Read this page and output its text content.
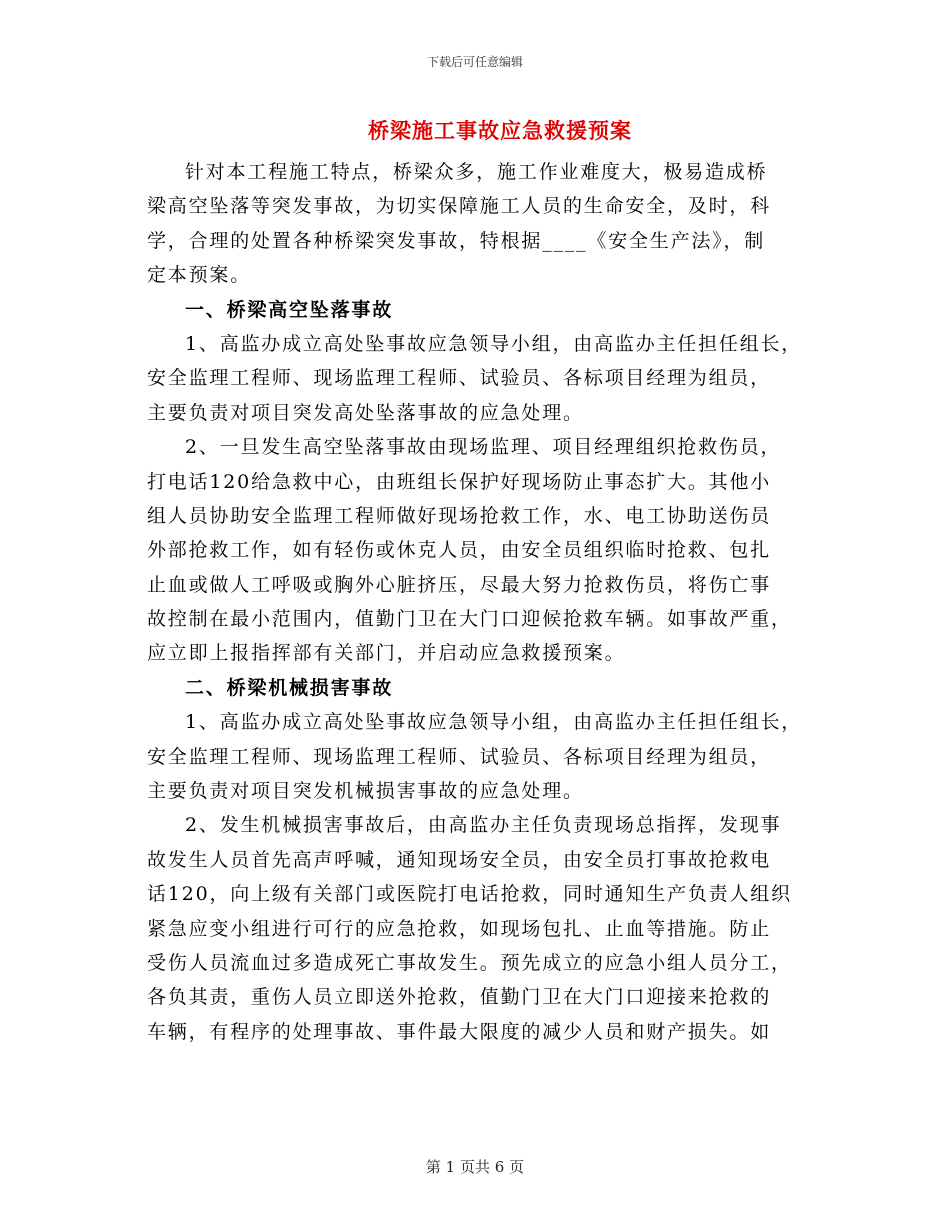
下载后可任意编辑
桥梁施工事故应急救援预案
针对本工程施工特点，桥梁众多，施工作业难度大，极易造成桥
梁高空坠落等突发事故，为切实保障施工人员的生命安全，及时，科
学，合理的处置各种桥梁突发事故，特根据____《安全生产法》，制
定本预案。
一、桥梁高空坠落事故
1、高监办成立高处坠事故应急领导小组，由高监办主任担任组长，
安全监理工程师、现场监理工程师、试验员、各标项目经理为组员，
主要负责对项目突发高处坠落事故的应急处理。
2、一旦发生高空坠落事故由现场监理、项目经理组织抢救伤员，
打电话120给急救中心，由班组长保护好现场防止事态扩大。其他小
组人员协助安全监理工程师做好现场抢救工作，水、电工协助送伤员
外部抢救工作，如有轻伤或休克人员，由安全员组织临时抢救、包扎
止血或做人工呼吸或胸外心脏挤压，尽最大努力抢救伤员，将伤亡事
故控制在最小范围内，值勤门卫在大门口迎候抢救车辆。如事故严重，
应立即上报指挥部有关部门，并启动应急救援预案。
二、桥梁机械损害事故
1、高监办成立高处坠事故应急领导小组，由高监办主任担任组长，
安全监理工程师、现场监理工程师、试验员、各标项目经理为组员，
主要负责对项目突发机械损害事故的应急处理。
2、发生机械损害事故后，由高监办主任负责现场总指挥，发现事
故发生人员首先高声呼喊，通知现场安全员，由安全员打事故抢救电
话120，向上级有关部门或医院打电话抢救，同时通知生产负责人组织
紧急应变小组进行可行的应急抢救，如现场包扎、止血等措施。防止
受伤人员流血过多造成死亡事故发生。预先成立的应急小组人员分工，
各负其责，重伤人员立即送外抢救，值勤门卫在大门口迎接来抢救的
车辆，有程序的处理事故、事件最大限度的减少人员和财产损失。如
第 1 页共 6 页
